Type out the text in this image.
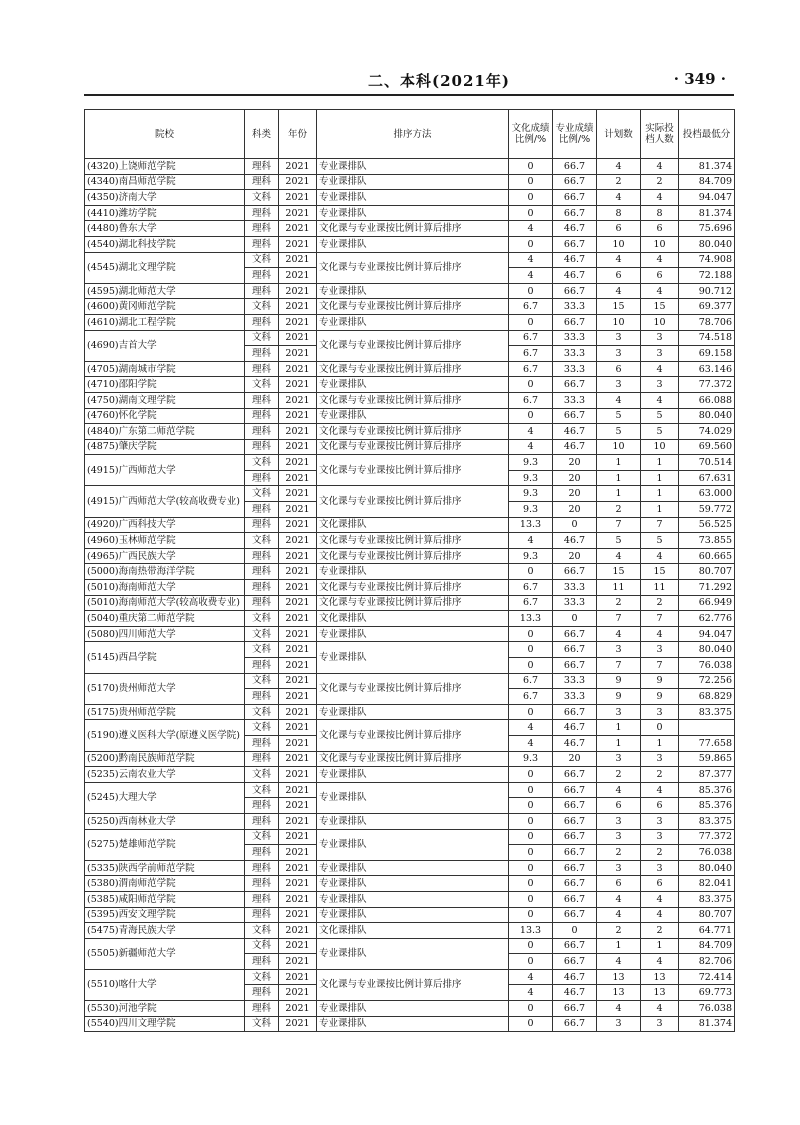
二、本科(2021年)	· 349 ·
院校	科类	年份	排序方法	文化成绩比例/%	专业成绩比例/%	计划数	实际投档人数	投档最低分
(4320)上饶师范学院	理科	2021	专业课排队	0	66.7	4	4	81.374
(4340)南昌师范学院	理科	2021	专业课排队	0	66.7	2	2	84.709
(4350)济南大学	文科	2021	专业课排队	0	66.7	4	4	94.047
(4410)潍坊学院	理科	2021	专业课排队	0	66.7	8	8	81.374
(4480)鲁东大学	理科	2021	文化课与专业课按比例计算后排序	4	46.7	6	6	75.696
(4540)湖北科技学院	理科	2021	专业课排队	0	66.7	10	10	80.040
(4545)湖北文理学院	文科	2021	文化课与专业课按比例计算后排序	4	46.7	4	4	74.908
	理科	2021		4	46.7	6	6	72.188
(4595)湖北师范大学	理科	2021	专业课排队	0	66.7	4	4	90.712
(4600)黄冈师范学院	文科	2021	文化课与专业课按比例计算后排序	6.7	33.3	15	15	69.377
(4610)湖北工程学院	理科	2021	专业课排队	0	66.7	10	10	78.706
(4690)吉首大学	文科	2021	文化课与专业课按比例计算后排序	6.7	33.3	3	3	74.518
	理科	2021		6.7	33.3	3	3	69.158
(4705)湖南城市学院	理科	2021	文化课与专业课按比例计算后排序	6.7	33.3	6	4	63.146
(4710)邵阳学院	文科	2021	专业课排队	0	66.7	3	3	77.372
(4750)湖南文理学院	理科	2021	文化课与专业课按比例计算后排序	6.7	33.3	4	4	66.088
(4760)怀化学院	理科	2021	专业课排队	0	66.7	5	5	80.040
(4840)广东第二师范学院	理科	2021	文化课与专业课按比例计算后排序	4	46.7	5	5	74.029
(4875)肇庆学院	理科	2021	文化课与专业课按比例计算后排序	4	46.7	10	10	69.560
(4915)广西师范大学	文科	2021	文化课与专业课按比例计算后排序	9.3	20	1	1	70.514
	理科	2021		9.3	20	1	1	67.631
(4915)广西师范大学(较高收费专业)	文科	2021	文化课与专业课按比例计算后排序	9.3	20	1	1	63.000
	理科	2021		9.3	20	2	1	59.772
(4920)广西科技大学	理科	2021	文化课排队	13.3	0	7	7	56.525
(4960)玉林师范学院	文科	2021	文化课与专业课按比例计算后排序	4	46.7	5	5	73.855
(4965)广西民族大学	理科	2021	文化课与专业课按比例计算后排序	9.3	20	4	4	60.665
(5000)海南热带海洋学院	理科	2021	专业课排队	0	66.7	15	15	80.707
(5010)海南师范大学	理科	2021	文化课与专业课按比例计算后排序	6.7	33.3	11	11	71.292
(5010)海南师范大学(较高收费专业)	理科	2021	文化课与专业课按比例计算后排序	6.7	33.3	2	2	66.949
(5040)重庆第二师范学院	文科	2021	文化课排队	13.3	0	7	7	62.776
(5080)四川师范大学	文科	2021	专业课排队	0	66.7	4	4	94.047
(5145)西昌学院	文科	2021	专业课排队	0	66.7	3	3	80.040
	理科	2021		0	66.7	7	7	76.038
(5170)贵州师范大学	文科	2021	文化课与专业课按比例计算后排序	6.7	33.3	9	9	72.256
	理科	2021		6.7	33.3	9	9	68.829
(5175)贵州师范学院	文科	2021	专业课排队	0	66.7	3	3	83.375
(5190)遵义医科大学(原遵义医学院)	文科	2021	文化课与专业课按比例计算后排序	4	46.7	1	0	
	理科	2021		4	46.7	1	1	77.658
(5200)黔南民族师范学院	理科	2021	文化课与专业课按比例计算后排序	9.3	20	3	3	59.865
(5235)云南农业大学	文科	2021	专业课排队	0	66.7	2	2	87.377
(5245)大理大学	文科	2021	专业课排队	0	66.7	4	4	85.376
	理科	2021		0	66.7	6	6	85.376
(5250)西南林业大学	理科	2021	专业课排队	0	66.7	3	3	83.375
(5275)楚雄师范学院	文科	2021	专业课排队	0	66.7	3	3	77.372
	理科	2021		0	66.7	2	2	76.038
(5335)陕西学前师范学院	理科	2021	专业课排队	0	66.7	3	3	80.040
(5380)渭南师范学院	理科	2021	专业课排队	0	66.7	6	6	82.041
(5385)咸阳师范学院	理科	2021	专业课排队	0	66.7	4	4	83.375
(5395)西安文理学院	理科	2021	专业课排队	0	66.7	4	4	80.707
(5475)青海民族大学	文科	2021	文化课排队	13.3	0	2	2	64.771
(5505)新疆师范大学	文科	2021	专业课排队	0	66.7	1	1	84.709
	理科	2021		0	66.7	4	4	82.706
(5510)喀什大学	文科	2021	文化课与专业课按比例计算后排序	4	46.7	13	13	72.414
	理科	2021		4	46.7	13	13	69.773
(5530)河池学院	理科	2021	专业课排队	0	66.7	4	4	76.038
(5540)四川文理学院	文科	2021	专业课排队	0	66.7	3	3	81.374
